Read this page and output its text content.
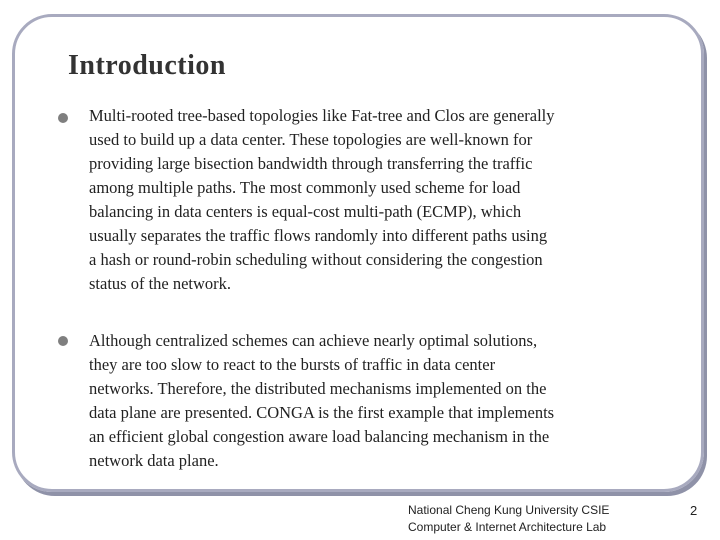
Introduction
Multi-rooted tree-based topologies like Fat-tree and Clos are generally
used to build up a data center. These topologies are well-known for
providing large bisection bandwidth through transferring the traffic
among multiple paths. The most commonly used scheme for load
balancing in data centers is equal-cost multi-path (ECMP), which
usually separates the traffic flows randomly into different paths using
a hash or round-robin scheduling without considering the congestion
status of the network.
Although centralized schemes can achieve nearly optimal solutions,
they are too slow to react to the bursts of traffic in data center
networks. Therefore, the distributed mechanisms implemented on the
data plane are presented. CONGA is the first example that implements
an efficient global congestion aware load balancing mechanism in the
network data plane.
National Cheng Kung University CSIE
Computer & Internet Architecture Lab
2
